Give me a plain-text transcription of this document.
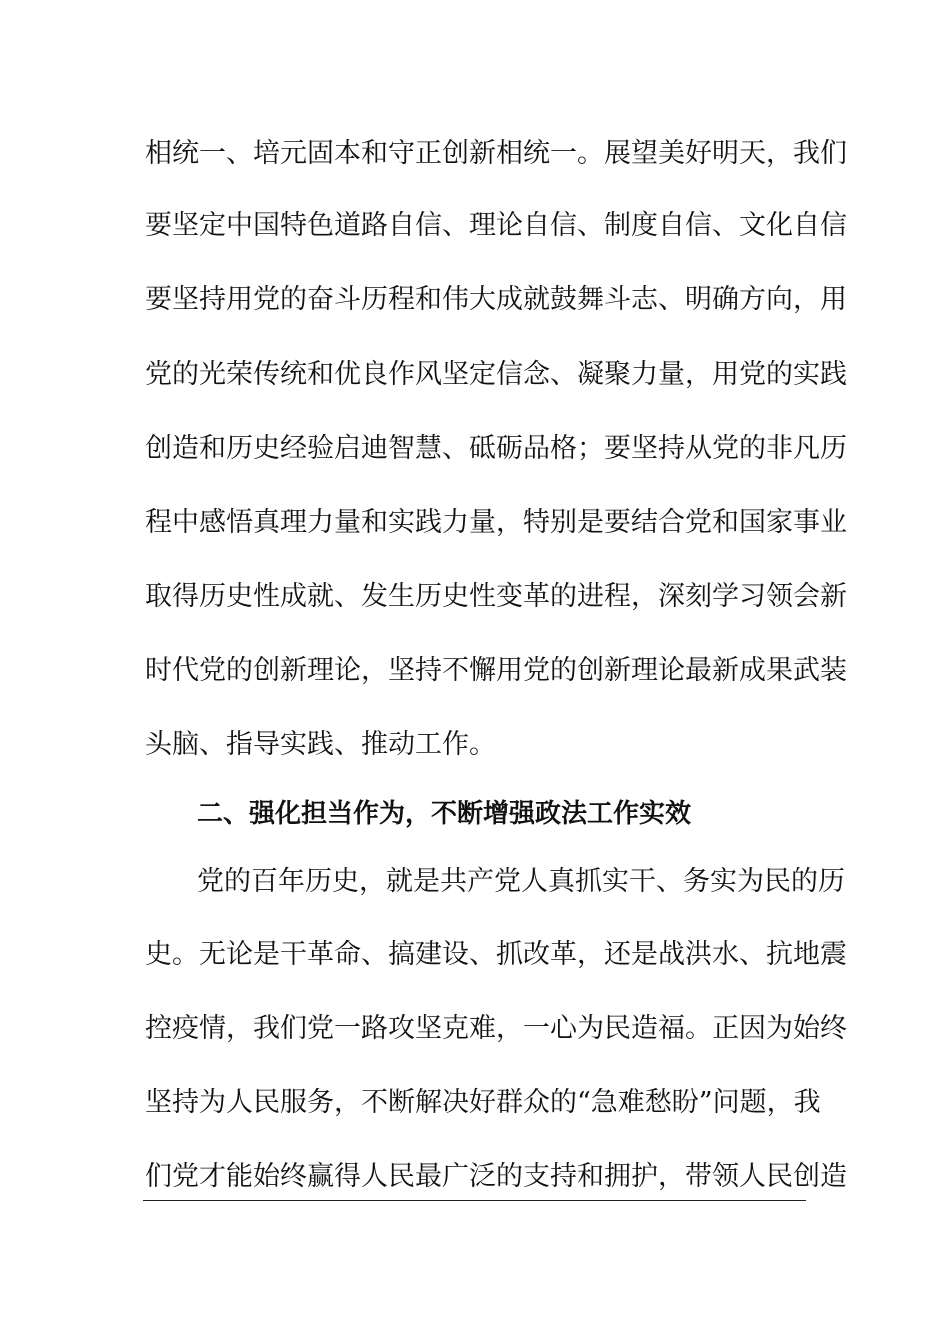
相统一、培元固本和守正创新相统一。展望美好明天，我们
要坚定中国特色道路自信、理论自信、制度自信、文化自信
要坚持用党的奋斗历程和伟大成就鼓舞斗志、明确方向，用
党的光荣传统和优良作风坚定信念、凝聚力量，用党的实践
创造和历史经验启迪智慧、砥砺品格；要坚持从党的非凡历
程中感悟真理力量和实践力量，特别是要结合党和国家事业
取得历史性成就、发生历史性变革的进程，深刻学习领会新
时代党的创新理论，坚持不懈用党的创新理论最新成果武装
头脑、指导实践、推动工作。
二、强化担当作为，不断增强政法工作实效
党的百年历史，就是共产党人真抓实干、务实为民的历
史。无论是干革命、搞建设、抓改革，还是战洪水、抗地震
控疫情，我们党一路攻坚克难，一心为民造福。正因为始终
坚持为人民服务，不断解决好群众的“急难愁盼”问题，我
们党才能始终赢得人民最广泛的支持和拥护，带领人民创造
